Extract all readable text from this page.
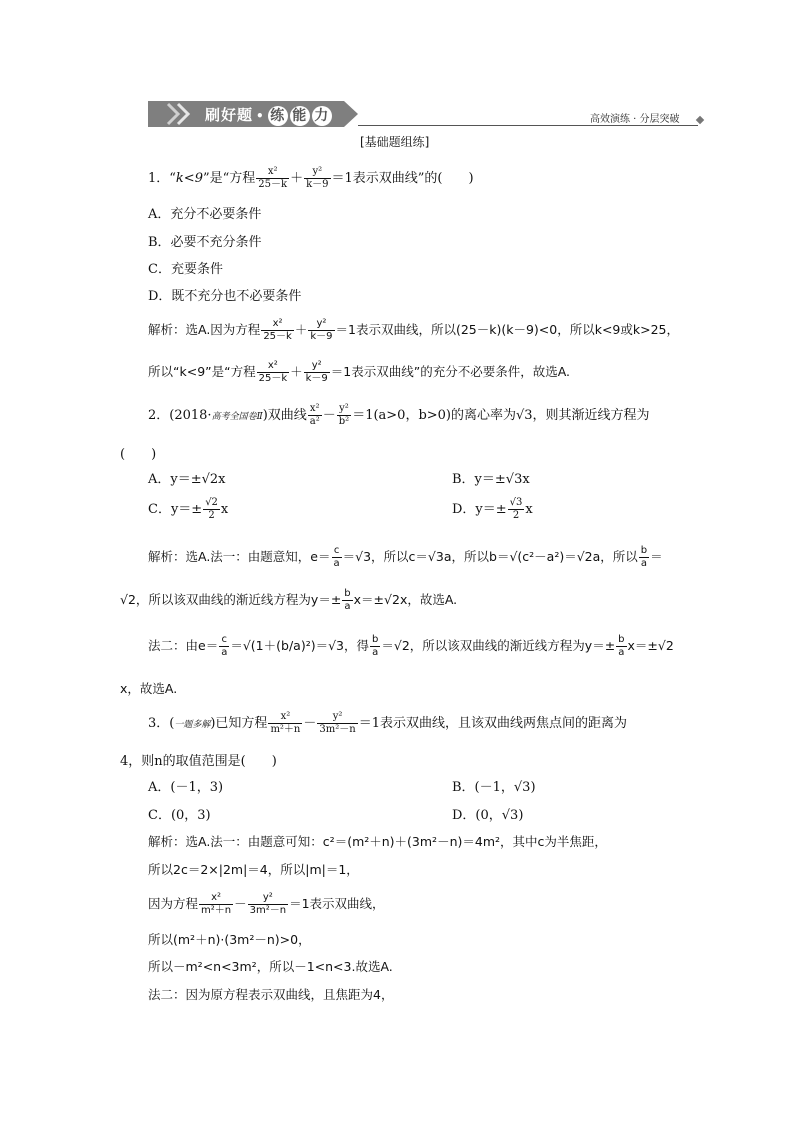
刷好题 • 练 能 力	高效演练 · 分层突破
[基础题组练]
1．“k<9”是“方程 $\frac{\text{x²}}{25-k} + \frac{\text{y²}}{k-9} =1$表示双曲线”的(　　)
A．充分不必要条件
B．必要不充分条件
C．充要条件
D．既不充分也不必要条件
解析：选A.因为方程 $\frac{\text{x²}}{25-k} + \frac{\text{y²}}{k-9} =1$表示双曲线，所以(25－k)(k－9)<0，所以k<9或k>25，
所以“k<9”是“方程 $\frac{\text{x²}}{25-k} + \frac{\text{y²}}{k-9} =1$表示双曲线”的充分不必要条件，故选A.
2．(2018·高考全国卷Ⅱ)双曲线 $\frac{\text{x²}}{\text{a²}} - \frac{\text{y²}}{\text{b²}} =1(a>0$，b>0)的离心率为√3，则其渐近线方程为
(　　)
A．y＝±√2x	B．y＝±√3x
C．$y=\pm \frac{√2}{2}$ x	D．$y=\pm \frac{√3}{2}$ x
解析：选A.法一：由题意知，$e= \frac{c}{a} =√3$，所以c＝√3a，所以b＝√(c²－a²)＝√2a，所以 $\frac{b}{a}$ ＝
√2，所以该双曲线的渐近线方程为$y=\pm \frac{b}{a} x=\pm√2x$，故选A.
法二：由$e= \frac{c}{a} =√(1+(b/a)^2)=√3$，得 $\frac{b}{a} =√2$，所以该双曲线的渐近线方程为$y=\pm \frac{b}{a} x=\pm√2$
x，故选A.
3．(一题多解)已知方程 $\frac{\text{x²}}{\text{m²＋n}} - \frac{\text{y²}}{\text{3m²－n}} =1$表示双曲线，且该双曲线两焦点间的距离为
4，则n的取值范围是(　　)
A．(－1，3)	B．(－1，√3)
C．(0，3)	D．(0，√3)
解析：选A.法一：由题意可知：c²＝(m²＋n)＋(3m²－n)＝4m²，其中c为半焦距，
所以2c＝2×|2m|＝4，所以|m|＝1，
因为方程 $\frac{\text{x²}}{\text{m²＋n}} - \frac{\text{y²}}{\text{3m²－n}} =1$表示双曲线，
所以(m²＋n)·(3m²－n)>0，
所以－m²<n<3m²，所以－1<n<3.故选A.
法二：因为原方程表示双曲线，且焦距为4，
